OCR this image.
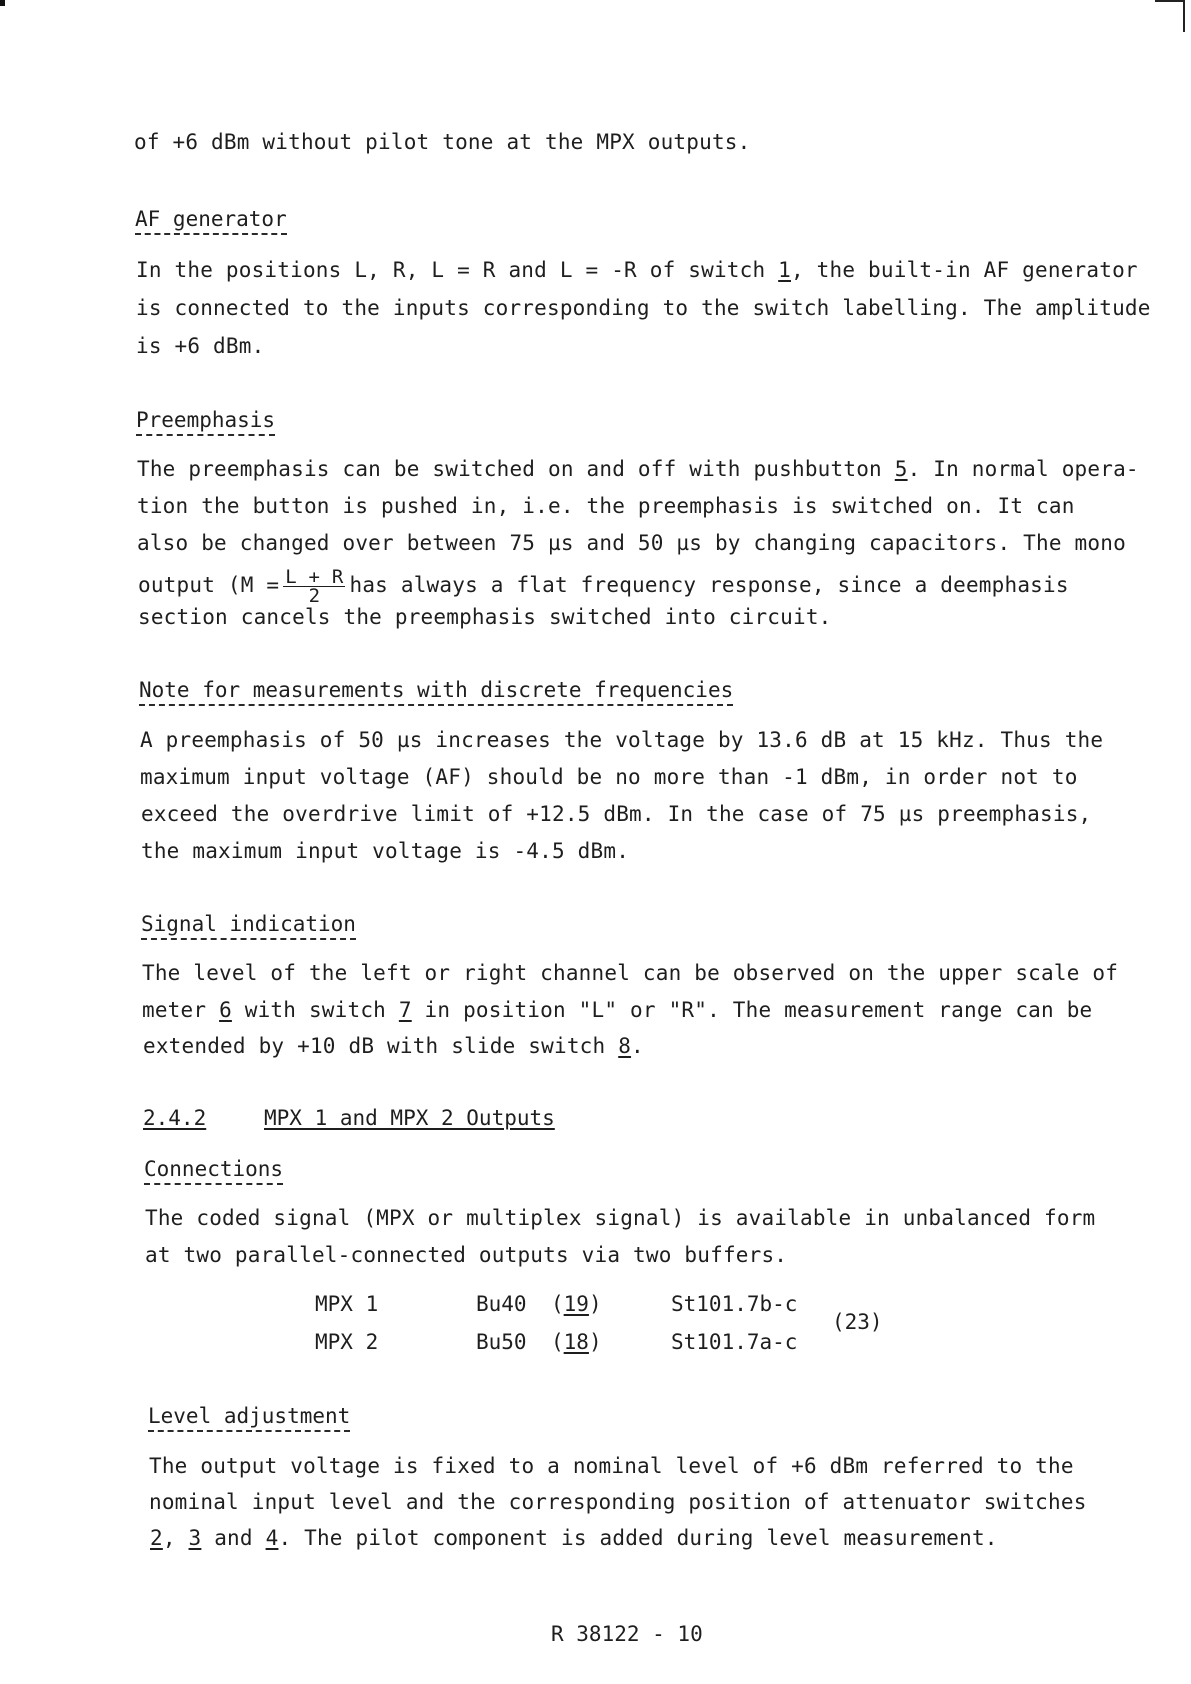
of +6 dBm without pilot tone at the MPX outputs.
AF generator
In the positions L, R, L = R and L = -R of switch 1, the built-in AF generator
is connected to the inputs corresponding to the switch labelling. The amplitude
is +6 dBm.
Preemphasis
The preemphasis can be switched on and off with pushbutton 5. In normal opera-
tion the button is pushed in, i.e. the preemphasis is switched on. It can
also be changed over between 75 µs and 50 µs by changing capacitors. The mono
output ($M = \frac{L + R}{2}$ has always a flat frequency response, since a deemphasis
section cancels the preemphasis switched into circuit.
Note for measurements with discrete frequencies
A preemphasis of 50 µs increases the voltage by 13.6 dB at 15 kHz. Thus the
maximum input voltage (AF) should be no more than -1 dBm, in order not to
exceed the overdrive limit of +12.5 dBm. In the case of 75 µs preemphasis,
the maximum input voltage is -4.5 dBm.
Signal indication
The level of the left or right channel can be observed on the upper scale of
meter 6 with switch 7 in position "L" or "R". The measurement range can be
extended by +10 dB with slide switch 8.
2.4.2	MPX 1 and MPX 2 Outputs
Connections
The coded signal (MPX or multiplex signal) is available in unbalanced form
at two parallel-connected outputs via two buffers.
MPX 1	Bu40 (19)	St101.7b-c
MPX 2	Bu50 (18)	St101.7a-c
(23)
Level adjustment
The output voltage is fixed to a nominal level of +6 dBm referred to the
nominal input level and the corresponding position of attenuator switches
2, 3 and 4. The pilot component is added during level measurement.
R 38122 - 10
